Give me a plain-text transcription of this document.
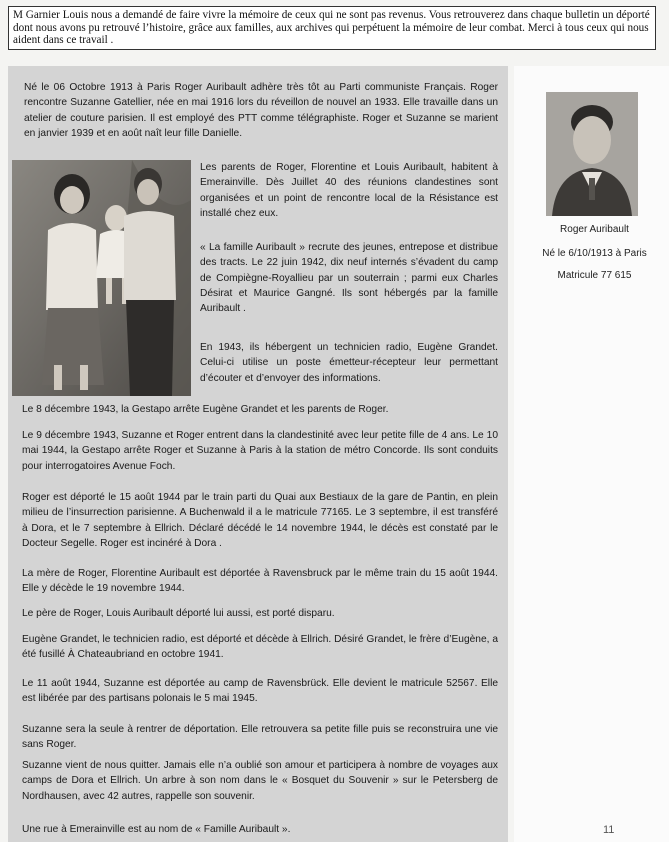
M Garnier Louis nous a demandé de faire vivre la mémoire de ceux qui ne sont pas revenus. Vous retrouverez dans chaque bulletin un déporté dont nous avons pu retrouvé l’histoire, grâce aux familles, aux archives qui perpétuent la mémoire de leur combat. Merci à tous ceux qui nous aident dans ce travail .

Né le 06 Octobre 1913 à Paris Roger Auribault adhère très tôt au Parti communiste Français. Roger rencontre Suzanne Gatellier, née en mai 1916 lors du réveillon de nouvel an 1933. Elle travaille dans un atelier de couture parisien. Il est employé des PTT comme télégraphiste. Roger et Suzanne se marient en janvier 1939 et en août naît leur fille Danielle.

Les parents de Roger, Florentine et Louis Auribault, habitent à Emerainville. Dès Juillet 40 des réunions clandestines sont organisées et un point de rencontre local de la Résistance est installé chez eux.

« La famille Auribault » recrute des jeunes, entrepose et distribue des tracts. Le 22 juin 1942, dix neuf internés s’évadent du camp de Compiègne-Royallieu par un souterrain ; parmi eux Charles Désirat et Maurice Gangné. Ils sont hébergés par la famille Auribault .

En 1943, ils hébergent un technicien radio, Eugène Grandet. Celui-ci utilise un poste émetteur-récepteur leur permettant d’écouter et d’envoyer des informations.

Le 8 décembre 1943, la Gestapo arrête Eugène Grandet et les parents de Roger.

Le 9 décembre 1943, Suzanne et Roger entrent dans la clandestinité avec leur petite fille de 4 ans. Le 10 mai 1944, la Gestapo arrête Roger et Suzanne à Paris à la station de métro Concorde. Ils sont conduits pour interrogatoires Avenue Foch.

Roger est déporté le 15 août 1944 par le train parti du Quai aux Bestiaux de la gare de Pantin, en plein milieu de l’insurrection parisienne. A Buchenwald il a le matricule 77165. Le 3 septembre, il est transféré à Dora, et le 7 septembre à Ellrich. Déclaré décédé le 14 novembre 1944, le décès est constaté par le Docteur Segelle. Roger est incinéré à Dora .

La mère de Roger, Florentine Auribault est déportée à Ravensbruck par le même train du 15 août 1944. Elle y décède le 19 novembre 1944.

Le père de Roger, Louis Auribault déporté lui aussi, est porté disparu.

Eugène Grandet, le technicien radio, est déporté et décède à Ellrich. Désiré Grandet, le frère d’Eugène, a été fusillé À Chateaubriand en octobre 1941.

Le 11 août 1944, Suzanne est déportée au camp de Ravensbrück. Elle devient le matricule 52567. Elle est libérée par des partisans polonais le 5 mai 1945.

Suzanne sera la seule à rentrer de déportation. Elle retrouvera sa petite fille puis se reconstruira une vie sans Roger.

Suzanne vient de nous quitter. Jamais elle n’a oublié son amour et participera à nombre de voyages aux camps de Dora et Ellrich. Un arbre à son nom dans le « Bosquet du Souvenir » sur le Petersberg de Nordhausen, avec 42 autres, rappelle son souvenir.

Une rue à Emerainville est au nom de « Famille Auribault ».

Roger Auribault
Né le 6/10/1913 à Paris
Matricule 77 615
11
